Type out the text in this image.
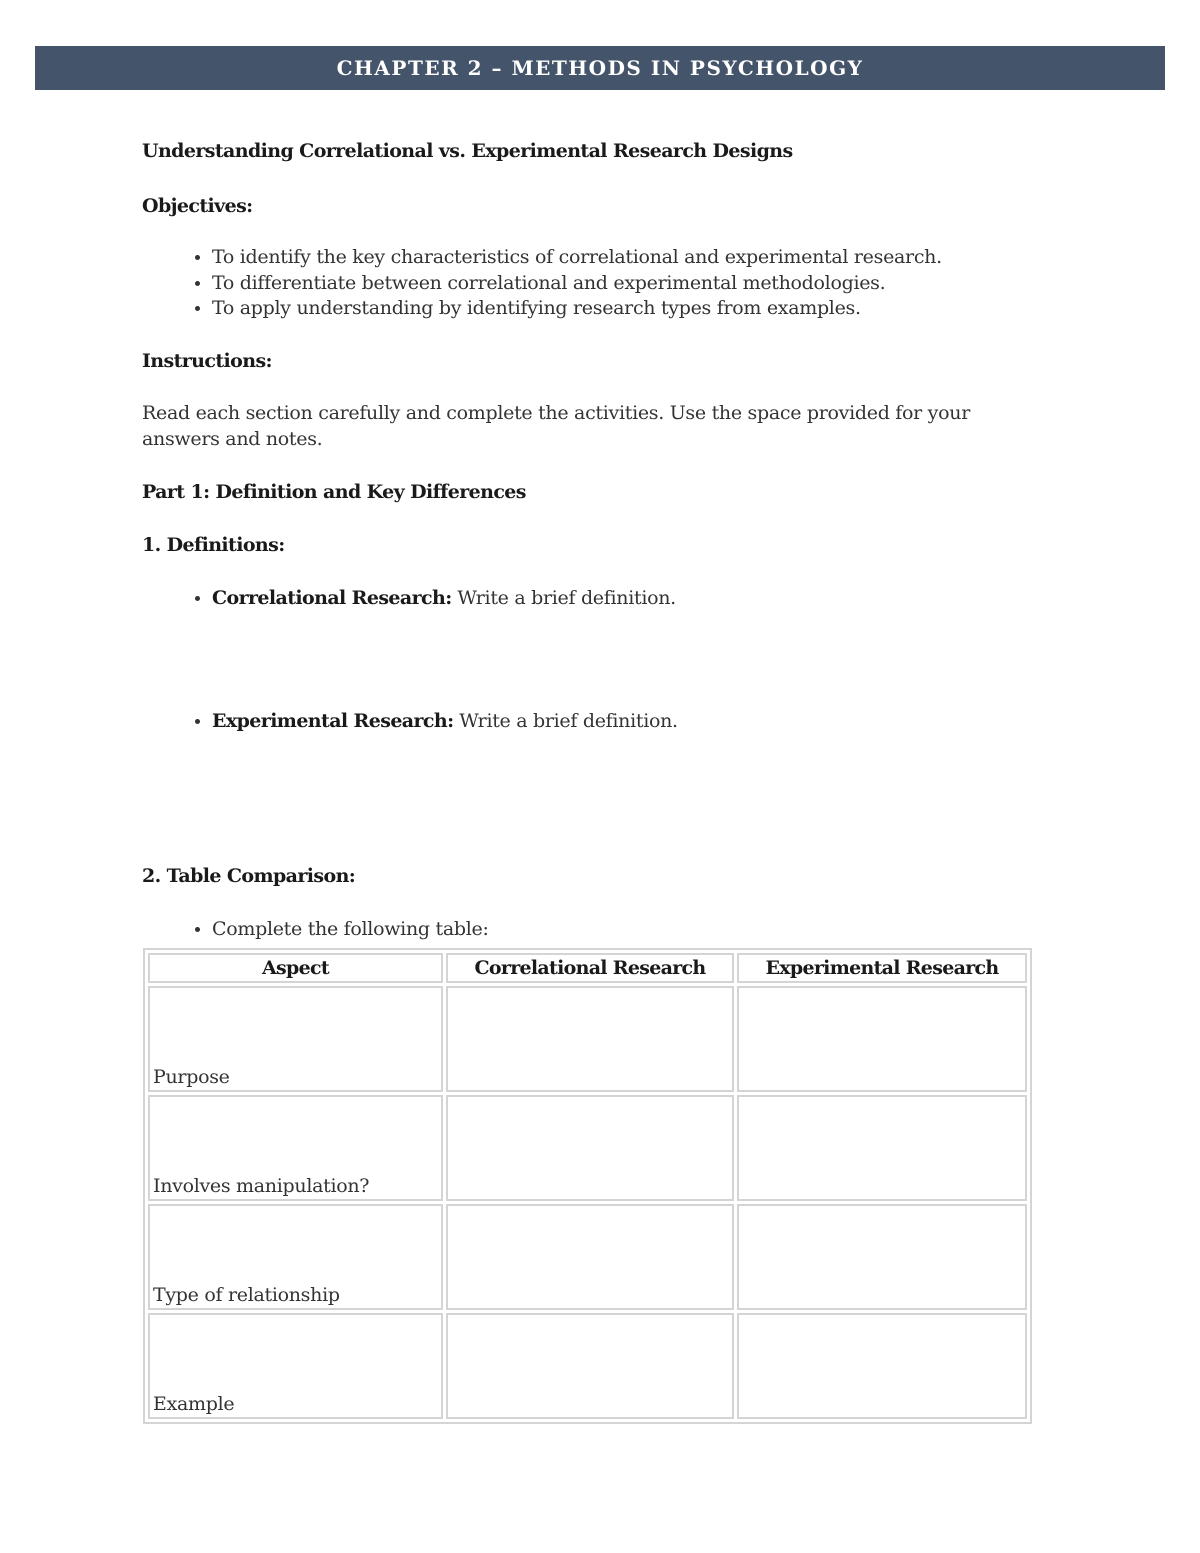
CHAPTER 2 – METHODS IN PSYCHOLOGY

Understanding Correlational vs. Experimental Research Designs

Objectives:

• To identify the key characteristics of correlational and experimental research.
• To differentiate between correlational and experimental methodologies.
• To apply understanding by identifying research types from examples.

Instructions:

Read each section carefully and complete the activities. Use the space provided for your answers and notes.

Part 1: Definition and Key Differences

1. Definitions:

• Correlational Research: Write a brief definition.
• Experimental Research: Write a brief definition.

2. Table Comparison:

• Complete the following table:
Aspect	Correlational Research	Experimental Research
Purpose		
Involves manipulation?		
Type of relationship		
Example		
